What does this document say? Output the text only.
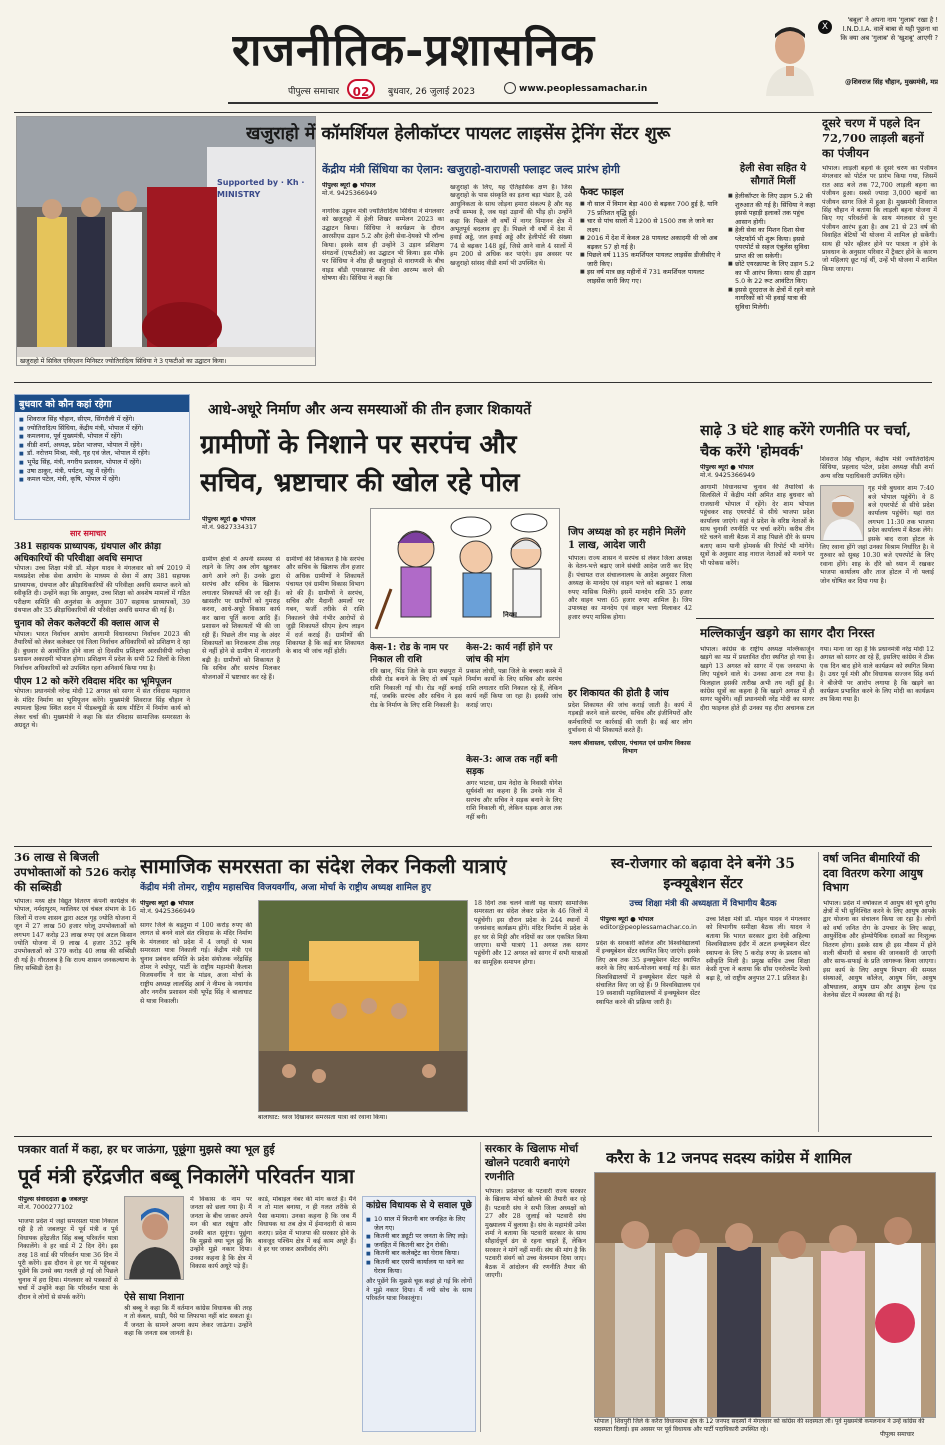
राजनीतिक-प्रशासनिक
पीपुल्स समाचार	02	बुधवार, 26 जुलाई 2023	www.peoplessamachar.in
X
'बबूल' ने अपना नाम 'गुलाब' रखा है ! I.N.D.I.A. वालें बाबा से यही पूछना था कि क्या अब 'गुलाब' से 'खुशबू' आएगी ?
@शिवराज सिंह चौहान, मुख्यमंत्री, मप्र
Supported by · Kh · MINISTRY
खजुराहो में सिविल एविएशन मिनिस्टर ज्योतिरादित्य सिंधिया ने 3 एफटीओ का उद्घाटन किया।
खजुराहो में कॉमर्शियल हेलीकॉप्टर पायलट लाइसेंस ट्रेनिंग सेंटर शुरू
केंद्रीय मंत्री सिंधिया का ऐलान: खजुराहो-वाराणसी फ्लाइट जल्द प्रारंभ होगी
पीपुल्स ब्यूरो ● भोपाल
मो.नं. 9425366949
नागरिक उड्डयन मंत्री ज्योतिरादित्य सिंधिया ने मंगलवार को खजुराहो में हेली शिखर सम्मेलन 2023 का उद्घाटन किया। सिंधिया ने कार्यक्रम के दौरान आरसीएस उड़ान 5.2 और हेली सेवा-देयको भी लॉन्च किया। इसके साथ ही उन्होंने 3 उड़ान प्रशिक्षण संगठनों (एफटीओ) का उद्घाटन भी किया। इस मौके पर सिंधिया ने शीघ्र ही खजुराहो से वाराणसी के बीच वाइड बॉडी एयरक्राफ्ट की सेवा आरम्भ करने की घोषणा की। सिंधिया ने कहा कि
खजुराहो के लिए, यह ऐतिहासिक क्षण है। जिस खजुराहो के पास संस्कृति का इतना बड़ा भंडार है, उसे आधुनिकता के साथ जोड़ना हमारा संकल्प है और यह तभी सम्भव है, जब यहां उड़ानों की भीड़ हो। उन्होंने कहा कि पिछले नौ वर्षों में नागर विमानन क्षेत्र में अभूतपूर्व बदलाव हुए हैं। पिछले नौ वर्षों में देश में हवाई अड्डे, जल हवाई अड्डे और हेलीपोर्ट की संख्या 74 से बढ़कर 148 हुई, जिसे आने वाले 4 सालों में हम 200 से अधिक कर पाएंगे। इस अवसर पर खजुराहो सांसद वीडी शर्मा भी उपस्थित थे।
फैक्ट फाइल
■ नौ साल में विमान बेड़ा 400 से बढ़कर 700 हुई है, यानि 75 प्रतिशत वृद्धि हुई।
■ चार से पांच सालों में 1200 से 1500 तक ले जाने का लक्ष्य।
■ 2016 में देश में केवल 28 पायलट अकादमी थी जो अब बढ़कर 57 हो गई है।
■ पिछले वर्ष 1135 कमर्शियल पायलट लाइसेंस डीजीसीए ने जारी किए।
■ इस वर्ष मात्र छह महीनों में 731 कमर्शियल पायलट लाइसेंस जारी किए गए।
हेली सेवा सहित ये सौगातें मिलीं
■ हेलीकॉप्टर के लिए उड़ान 5.2 की शुरुआत की गई है। सिंधिया ने कहा इससे पहाड़ी इलाकों तक पहुंच आसान होगी।
■ हेली सेवा का मिशन दिशा सेवा प्लेटफॉर्म भी शुरू किया। इससे एयरपोर्ट से सहज एंबुलेंस सुविधा प्राप्त की जा सकेगी।
■ छोटे एयरक्राफ्ट के लिए उड़ान 5.2 का भी आरंभ किया। साथ ही उड़ान 5.0 के 22 रूट आवंटित किए।
■ इससे दूरदराज के क्षेत्रों में रहने वाले नागरिकों को भी हवाई यात्रा की सुविधा मिलेगी।
दूसरे चरण में पहले दिन 72,700 लाड़ली बहनों का पंजीयन
भोपाल। लाड़ली बहनों के दूसरे चरण का पंजीयन मंगलवार को पोर्टल पर प्रारंभ किया गया, जिसमें रात आठ बजे तक 72,700 लाड़ली बहना का पंजीयन हुआ। सबसे ज्यादा 3,000 बहनों का पंजीयन सागर जिले में हुआ है। मुख्यमंत्री शिवराज सिंह चौहान ने बताया कि लाड़ली बहना योजना में किए गए परिवर्तनों के साथ मंगलवार से पुनः पंजीयन आरंभ हुआ है। अब 21 से 23 वर्ष की विवाहित बेटियों भी योजना में शामिल हो सकेंगी। साथ ही फोर व्हीलर होने पर पात्रता न होने के प्रावधान के अनुसार परिवार में ट्रैक्टर होने के कारण जो महिलाएं छूट गई थीं, उन्हें भी योजना में शामिल किया जाएगा।
बुधवार को कौन कहां रहेगा
■ शिवराज सिंह चौहान, सीएम, सिंगरौली में रहेंगे।
■ ज्योतिरादित्य सिंधिया, केंद्रीय मंत्री, भोपाल में रहेंगे।
■ कमलनाथ, पूर्व मुख्यमंत्री, भोपाल में रहेंगे।
■ वीडी शर्मा, अध्यक्ष, प्रदेश भाजपा, भोपाल में रहेंगे।
■ डॉ. नरोत्तम मिश्रा, मंत्री, गृह एवं जेल, भोपाल में रहेंगे।
■ भूपेंद्र सिंह, मंत्री, नगरीय प्रशासन, भोपाल में रहेंगे।
■ उषा ठाकुर, मंत्री, पर्यटन, महू में रहेंगी।
■ कमल पटेल, मंत्री, कृषि, भोपाल में रहेंगे।
सार समाचार
381 सहायक प्राध्यापक, ग्रंथपाल और क्रीड़ा अधिकारियों की परिवीक्षा अवधि समाप्त
भोपाल। उच्च शिक्षा मंत्री डॉ. मोहन यादव ने मंगलवार को वर्ष 2019 में मध्यप्रदेश लोक सेवा आयोग के माध्यम से सेवा में आए 381 सहायक प्राध्यापक, ग्रंथपाल और क्रीड़ाधिकारियों की परिवीक्षा अवधि समाप्त करने को स्वीकृति दी। उन्होंने कहा कि आयुक्त, उच्च शिक्षा को अवशेष मामलों में गठित परीक्षण समिति की अनुशंसा के अनुसार 307 सहायक प्राध्यापकों, 39 ग्रंथपाल और 35 क्रीड़ाधिकारियों की परिवीक्षा अवधि समाप्त की गई है।
चुनाव को लेकर कलेक्टरों की क्लास आज से
भोपाल। भारत निर्वाचन आयोग आगामी विधानसभा निर्वाचन 2023 की तैयारियों को लेकर कलेक्टर एवं जिला निर्वाचन अधिकारियों को प्रशिक्षण दे रहा है। बुधवार से आयोजित होने वाला दो दिवसीय प्रशिक्षण आरसीवीपी नरोन्हा प्रशासन अकादमी भोपाल होगा। प्रशिक्षण में प्रदेश के सभी 52 जिलों के जिला निर्वाचन अधिकारियों को उपस्थित रहना अनिवार्य किया गया है।
पीएम 12 को करेंगे रविदास मंदिर का भूमिपूजन
भोपाल। प्रधानमंत्री नरेन्द्र मोदी 12 अगस्त को सागर में संत रविदास महाराज के मंदिर निर्माण का भूमिपूजन करेंगे। मुख्यमंत्री शिवराज सिंह चौहान ने श्यामला हिल्स स्थित सदन में पीडब्ल्यूडी के साथ मीटिंग में निर्माण कार्य को लेकर चर्चा की। मुख्यमंत्री ने कहा कि संत रविदास सामाजिक समरसता के अग्रदूत थे।
36 लाख से बिजली उपभोक्ताओं को 526 करोड़ की सब्सिडी
भोपाल। मध्य क्षेत्र विद्युत वितरण कंपनी कार्यक्षेत्र के भोपाल, नर्मदापुरम, ग्वालियर एवं चंबल संभाग के 16 जिलों में राज्य शासन द्वारा अटल गृह ज्योति योजना में जून में 27 लाख 50 हजार घरेलू उपभोक्ताओं को लगभग 147 करोड़ 23 लाख रुपए एवं अटल किसान ज्योति योजना में 9 लाख 4 हजार 352 कृषि उपभोक्ताओं को 379 करोड़ 40 लाख की सब्सिडी दी गई है। गौरतलब है कि राज्य शासन जनकल्याण के लिए सब्सिडी देता है।
आधे-अधूरे निर्माण और अन्य समस्याओं की तीन हजार शिकायतें
ग्रामीणों के निशाने पर सरपंच और सचिव, भ्रष्टाचार की खोल रहे पोल
पीपुल्स ब्यूरो ● भोपाल
मो.नं. 9827334317
ग्रामीण क्षेत्रों में अपनी समस्या से लड़ने के लिए अब लोग खुलकर आगे आने लगे हैं। उनके द्वारा सरपंच और सचिव के खिलाफ लगातार शिकायतें की जा रही हैं। खासतौर पर ग्रामीणों को गुमराह करना, आधे-अधूरे विकास कार्य कर खाना पूर्ति करना आदि हैं। प्रशासन को शिकायतों भी की जा रही हैं। पिछले तीन माह के अंदर शिकायतों का निराकरण ठीक तरह से नहीं होने से ग्रामीण में नाराजगी बढ़ी है। ग्रामीणों को शिकायत है कि सचिव और सरपंच मिलकर योजनाओं में भ्रष्टाचार कर रहे हैं।
ग्रामीणों की शिकायत है कि सरपंच और सचिव के खिलाफ तीन हजार से अधिक ग्रामीणों ने शिकायतें पंचायत एवं ग्रामीण विकास विभाग को की हैं। ग्रामीणों ने सरपंच, सचिव और मैदानी अमलों पर गबन, फर्जी तरीके से राशि निकालने जैसे गंभीर आरोपों से जुड़ी शिकायतें सीएम हेल्प लाइन में दर्ज कराई हैं। ग्रामीणों की शिकायत है कि कई बार शिकायत के बाद भी जांच नहीं होती।
नियम
केस-1: रोड के नाम पर निकाल ली राशि
रवि खान, भिंड जिले के ग्राम रुछपुरा में सीसी रोड बनाने के लिए दो वर्ष पहले राशि निकाली गई थी। रोड नहीं बनाई गई, जबकि सरपंच और सचिव ने इस रोड के निर्माण के लिए राशि निकाली है।
केस-2: कार्य नहीं होने पर जांच की मांग
प्रकाश लोधी, पन्ना जिले के बच्चरा कस्बे में निर्माण कार्यों के लिए सचिव और सरपंच राशि लगातार राशि निकाल रहे हैं, लेकिन कार्य नहीं किया जा रहा है। इसकी जांच कराई जाए।
केस-3: आज तक नहीं बनी सड़क
अगर भाटवा, ग्राम नेदोरा के निवासी योगेश सूर्यवंशी का कहना है कि उनके गांव में सरपंच और सचिव ने सड़क बनाने के लिए राशि निकाली थी, लेकिन सड़क आज तक नहीं बनी।
जिप अध्यक्ष को हर महीने मिलेंगे 1 लाख, आदेश जारी
भोपाल। राज्य शासन ने सरपंच से लेकर जिला अध्यक्ष के वेतन-भत्ते बढ़ाए जाने संबंधी आदेश जारी कर दिए हैं। पंचायत राज संचालनालय के आदेश अनुसार जिला अध्यक्ष के मानदेय एवं वाहन भत्ते को बढ़ाकर 1 लाख रुपए मासिक मिलेंगे। इसमें मानदेय राशि 35 हजार और वाहन भत्ता 65 हजार रुपए शामिल है। जिप उपाध्यक्ष का मानदेय एवं वाहन भत्ता मिलाकर 42 हजार रुपए मासिक होगा।
हर शिकायत की होती है जांच
प्रदेश शिकायत की जांच कराई जाती है। कार्य में गड़बड़ी करने वाले सरपंच, सचिव और इंजीनियरों और कर्मचारियों पर कार्रवाई की जाती है। कई बार लोग दुर्भावना से भी शिकायतें करते हैं।
मलय श्रीवास्तव, एसीएस, पंचायत एवं ग्रामीण विकास विभाग
साढ़े 3 घंटे शाह करेंगे रणनीति पर चर्चा, चैक करेंगे 'होमवर्क'
पीपुल्स ब्यूरो ● भोपाल
मो.नं. 9425366949
आगामी विधानसभा चुनाव की तैयारियों के सिलसिले में केंद्रीय मंत्री अमित शाह बुधवार को राजधानी भोपाल में रहेंगे। देर शाम भोपाल पहुंचकर शाह एयरपोर्ट से सीधे भाजपा प्रदेश कार्यालय जाएंगे। वहां वे प्रदेश के वरिष्ठ नेताओं के साथ चुनावी रणनीति पर चर्चा करेंगे। करीब तीन घंटे चलने वाली बैठक में शाह पिछले दौरे के समय बताए काम यानी होमवर्क की रिपोर्ट भी मांगेंगे। सूत्रों के अनुसार शाह नाराज नेताओं को मनाने पर भी फोकस करेंगे।
शिवराज सिंह चौहान, केंद्रीय मंत्री ज्योतिरादित्य सिंधिया, प्रहलाद पटेल, प्रदेश अध्यक्ष वीडी शर्मा अन्य वरिष्ठ पदाधिकारी उपस्थित रहेंगे।
गृह मंत्री बुधवार शाम 7:40 बजे भोपाल पहुंचेंगे। वे 8 बजे एयरपोर्ट से सीधे प्रदेश कार्यालय पहुंचेंगे। यहां रात लगभग 11:30 तक भाजपा प्रदेश कार्यालय में बैठक लेंगे।
इसके बाद राजा होटल के लिए रवाना होंगे जहां उनका विश्राम निर्धारित है। वे गुरुवार को सुबह 10.30 बजे एयरपोर्ट के लिए रवाना होंगे। शाह के दौरे को ध्यान में रखकर भाजपा कार्यालय और ताज होटल में नो फ्लाई जोन घोषित कर दिया गया है।
मल्लिकार्जुन खड़गे का सागर दौरा निरस्त
भोपाल। कांग्रेस के राष्ट्रीय अध्यक्ष मल्लिकार्जुन खड़गे का मप्र में प्रस्तावित दौरा स्थगित हो गया है। खड़गे 13 अगस्त को सागर में एक जनसभा के लिए पहुंचने वाले थे। उनका आना टल गया है। फिलहाल इसकी तारीख अभी तय नहीं हुई है। कांग्रेस सूत्रों का कहना है कि खड़गे अगस्त में ही सागर पहुंचेंगे। वहीं प्रधानमंत्री नरेंद्र मोदी का सागर दौरा फाइनल होते ही उनका यह दौरा अचानक टल गया। माना जा रहा है कि प्रधानमंत्री नरेंद्र मोदी 12 अगस्त को सागर आ रहे हैं, इसलिए कांग्रेस ने ठीक एक दिन बाद होने वाले कार्यक्रम को स्थगित किया है। उधर पूर्व मंत्री और विधायक सज्जन सिंह वर्मा ने बीजेपी पर आरोप लगाया है कि खड़गे का कार्यक्रम प्रभावित करने के लिए मोदी का कार्यक्रम तय किया गया है।
सामाजिक समरसता का संदेश लेकर निकली यात्राएं
केंद्रीय मंत्री तोमर, राष्ट्रीय महासचिव विजयवर्गीय, अजा मोर्चा के राष्ट्रीय अध्यक्ष शामिल हुए
पीपुल्स ब्यूरो ● भोपाल
मो.नं. 9425366949
सागर जिले के बड़तुमा में 100 करोड़ रुपए की लागत से बनने वाले संत रविदास के मंदिर निर्माण के मंगलवार को प्रदेश में 4 जगहों से भव्य समरसता यात्रा निकाली गई। केंद्रीय मंत्री एवं चुनाव प्रबंधन समिति के प्रदेश संयोजक नरेंद्रसिंह तोमर ने श्योपुर, पार्टी के राष्ट्रीय महामंत्री कैलाश विजयवर्गीय ने धार के मांडव, अजा मोर्चा के राष्ट्रीय अध्यक्ष लालसिंह आर्य ने नीमच के नयागांव और नगरीय प्रशासन मंत्री भूपेंद्र सिंह ने बालाघाट से यात्रा निकाली।
बालाघाट: ध्वज दिखाकर समरसता यात्रा को रवाना किया।
18 दिनों तक चलने वाली यह यात्राएं सामाजिक समरसता का संदेश लेकर प्रदेश के 46 जिलों में पहुंचेंगी। इस दौरान प्रदेश के 244 स्थानों में जनसंवाद कार्यक्रम होंगे। मंदिर निर्माण में प्रदेश के हर घर से मिट्टी और नदियों का जल एकत्रित किया जाएगा। सभी यात्राएं 11 अगस्त तक सागर पहुंचेंगी और 12 अगस्त को सागर में सभी यात्राओं का सामूहिक समापन होगा।
स्व-रोजगार को बढ़ावा देने बनेंगे 35 इन्क्यूबेशन सेंटर
उच्च शिक्षा मंत्री की अध्यक्षता में विभागीय बैठक
पीपुल्स ब्यूरो ● भोपाल
editor@peoplessamachar.co.in
प्रदेश के सरकारी कॉलेज और विश्वविद्यालयों में इन्क्यूबेशन सेंटर स्थापित किए जाएंगे। इसके लिए अब तक 35 इन्क्यूबेशन सेंटर स्थापित करने के लिए कार्य-योजना बनाई गई है। सात विश्वविद्यालयों में इन्क्यूबेशन सेंटर पहले से संचालित किए जा रहे हैं। 9 विश्वविद्यालय एवं 19 स्वशासी महाविद्यालयों में इन्क्यूबेशन सेंटर स्थापित करने की प्रक्रिया जारी है।
उच्च शिक्षा मंत्री डॉ. मोहन यादव ने मंगलवार को विभागीय समीक्षा बैठक ली। यादव ने बताया कि भारत सरकार द्वारा देवी अहिल्या विश्वविद्यालय इंदौर में अटल इन्क्यूबेशन सेंटर स्थापना के लिए 5 करोड़ रुपए के प्रस्ताव को स्वीकृति मिली है। प्रमुख सचिव उच्च शिक्षा केसी गुप्ता ने बताया कि ग्रॉस एनरोलमेंट रेश्यो बढ़ा है, जो राष्ट्रीय अनुपात 27.1 प्रतिशत है।
वर्षा जनित बीमारियों की दवा वितरण करेगा आयुष विभाग
भोपाल। प्रदेश में वर्षाकाल में आयुष की चूर्ण दुर्गंध क्षेत्रों में भी सुनिश्चित करने के लिए आयुष आपके द्वार योजना का संचालन किया जा रहा है। लोगों को वर्षा जनित रोग के उपचार के लिए काढ़ा, आयुर्वेदिक और होम्योपैथिक दवाओं का निःशुल्क वितरण होगा। इसके साथ ही इस मौसम में होने वाली बीमारी से बचाव की जानकारी दी जाएगी और साफ-सफाई के प्रति जागरूक किया जाएगा। इस कार्य के लिए आयुष विभाग की समस्त संस्थाओं, आयुष कॉलेज, आयुष विंग, आयुष औषधालय, आयुष ग्राम और आयुष हेल्थ एंड वेलनेस सेंटर में व्यवस्था की गई है।
पत्रकार वार्ता में कहा, हर घर जाऊंगा, पूछूंगा मुझसे क्या भूल हुई
पूर्व मंत्री हरेंद्रजीत बब्बू निकालेंगे परिवर्तन यात्रा
पीपुल्स संवाददाता ● जबलपुर
मो.नं. 7000277102
भाजपा प्रदेश में जहां समरसता यात्रा निकाल रही है तो जबलपुर में पूर्व मंत्री व पूर्व विधायक हरेंद्रजीत सिंह बब्बू परिवर्तन यात्रा निकालेंगे। वे हर वार्ड में 2 दिन देंगे। इस तरह 18 वार्ड की परिवर्तन यात्रा 36 दिन में पूरी करेंगे। इस दौरान वे हर घर में पहुंचकर पूछेंगे कि उनसे क्या गलती हो गई जो पिछले चुनाव में हरा दिया। मंगलवार को पत्रकारों से चर्चा में उन्होंने कहा कि परिवर्तन यात्रा के दौरान वे लोगों से संपर्क करेंगे।
में विकास के नाम पर जनता को छला गया है। मैं जनता के बीच जाकर अपने मन की बात रखूंगा और उनकी बात सुनूंगा। पूछूंगा कि मुझसे क्या भूल हुई कि उन्होंने मुझे नकार दिया। उनका कहना है कि क्षेत्र में विकास कार्य अधूरे पड़े हैं।
ऐसे साधा निशाना
श्री बब्बू ने कहा कि मैं वर्तमान कांग्रेस विधायक की तरह न तो कंबल, साड़ी, पैसे या लिफाफा नहीं बांट सकता हूं। मैं जनता के सामने अपना काम लेकर जाऊंगा। उन्होंने कहा कि जनता सब जानती है।
कार्ड, मोबाइल नंबर की मांग करते हैं। मैंने न तो माल बनाया, न ही गलत तरीके से पैसा कमाया। उनका कहना है कि जब मैं विधायक था तब क्षेत्र में ईमानदारी से काम कराए। प्रदेश में भाजपा की सरकार होने के बावजूद पश्चिम क्षेत्र में कई काम अधूरे हैं। वे हर घर जाकर आशीर्वाद लेंगे।
कांग्रेस विधायक से ये सवाल पूछे
■ 10 साल में कितनी बार जनहित के लिए जेल गए।
■ कितनी बार ड्यूटी पर जनता के लिए लड़े।
■ जनहित में कितनी बार ट्रेन रोकी।
■ कितनी बार कलेक्ट्रेट का घेराव किया।
■ कितनी बार एसपी कार्यालय या थाने का घेराव किया।
और पूछेंगे कि मुझसे चूक कहां हो गई कि लोगों ने मुझे नकार दिया। मैं नयी सोच के साथ परिवर्तन यात्रा निकालूंगा।
सरकार के खिलाफ मोर्चा खोलने पटवारी बनाएंगे रणनीति
भोपाल। प्रदेशभर के पटवारी राज्य सरकार के खिलाफ मोर्चा खोलने की तैयारी कर रहे हैं। पटवारी संघ ने सभी जिला अध्यक्षों को 27 और 28 जुलाई को पटवारी संघ मुख्यालय में बुलाया है। संघ के महामंत्री उमेश शर्मा ने बताया कि पटवारी सरकार के साथ सौहार्दपूर्ण ढंग से रहना चाहते हैं, लेकिन सरकार ने मांगें नहीं मानीं। संघ की मांग है कि पटवारी संवर्ग को उच्च वेतनमान दिया जाए। बैठक में आंदोलन की रणनीति तैयार की जाएगी।
करैरा के 12 जनपद सदस्य कांग्रेस में शामिल
भोपाल | शिवपुरी जिले के करैरा विधानसभा क्षेत्र के 12 जनपद सदस्यों ने मंगलवार को कांग्रेस की सदस्यता ली। पूर्व मुख्यमंत्री कमलनाथ ने उन्हें कांग्रेस की सदस्यता दिलाई। इस अवसर पर पूर्व विधायक और पार्टी पदाधिकारी उपस्थित रहे।
पीपुल्स समाचार
